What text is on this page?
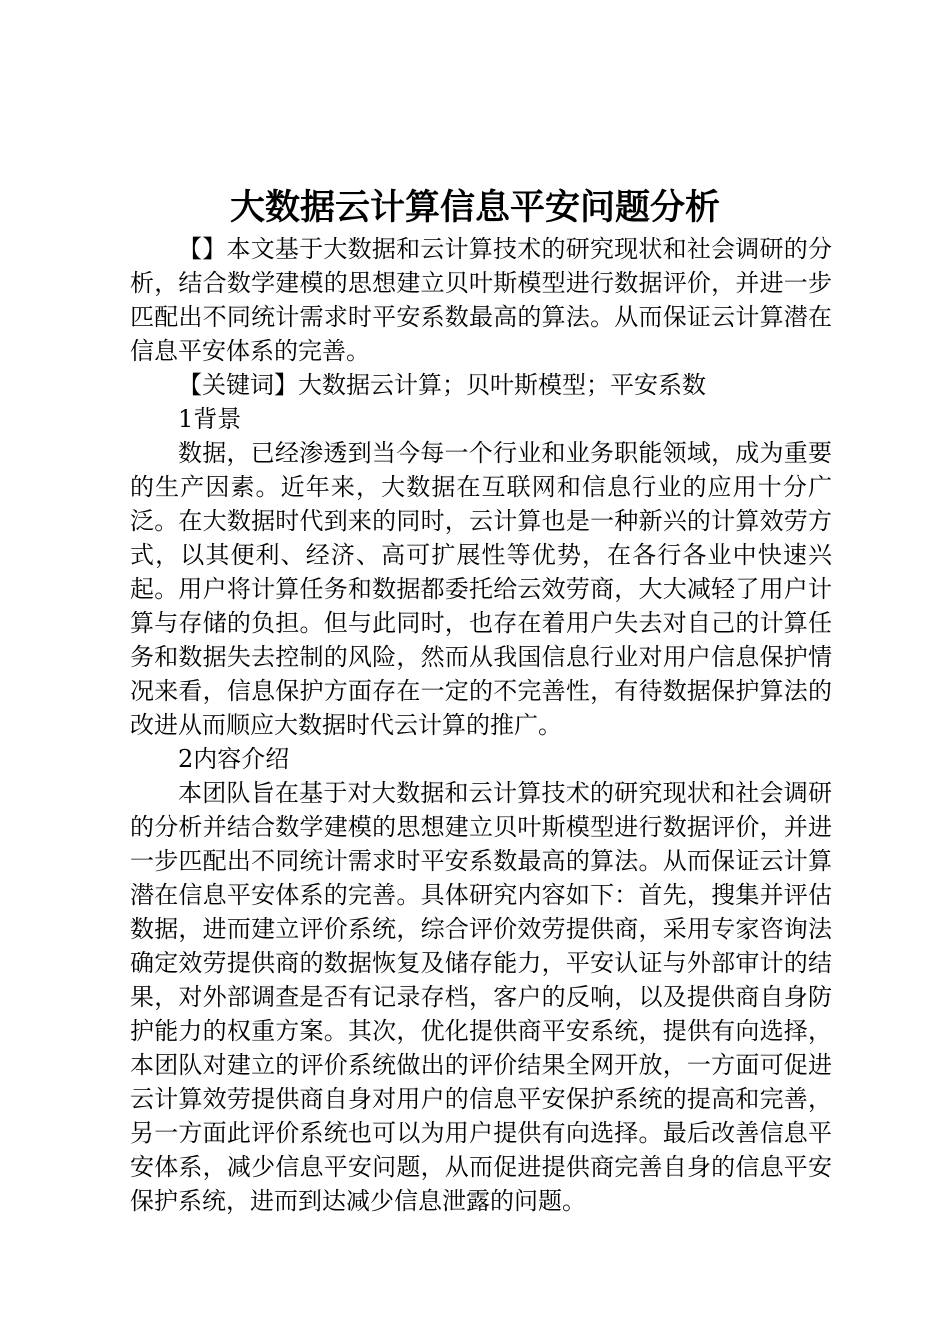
大数据云计算信息平安问题分析

【】本文基于大数据和云计算技术的研究现状和社会调研的分析，结合数学建模的思想建立贝叶斯模型进行数据评价，并进一步匹配出不同统计需求时平安系数最高的算法。从而保证云计算潜在信息平安体系的完善。

【关键词】大数据云计算；贝叶斯模型；平安系数

1背景

数据，已经渗透到当今每一个行业和业务职能领域，成为重要的生产因素。近年来，大数据在互联网和信息行业的应用十分广泛。在大数据时代到来的同时，云计算也是一种新兴的计算效劳方式，以其便利、经济、高可扩展性等优势，在各行各业中快速兴起。用户将计算任务和数据都委托给云效劳商，大大减轻了用户计算与存储的负担。但与此同时，也存在着用户失去对自己的计算任务和数据失去控制的风险，然而从我国信息行业对用户信息保护情况来看，信息保护方面存在一定的不完善性，有待数据保护算法的改进从而顺应大数据时代云计算的推广。

2内容介绍

本团队旨在基于对大数据和云计算技术的研究现状和社会调研的分析并结合数学建模的思想建立贝叶斯模型进行数据评价，并进一步匹配出不同统计需求时平安系数最高的算法。从而保证云计算潜在信息平安体系的完善。具体研究内容如下：首先，搜集并评估数据，进而建立评价系统，综合评价效劳提供商，采用专家咨询法确定效劳提供商的数据恢复及储存能力，平安认证与外部审计的结果，对外部调查是否有记录存档，客户的反响，以及提供商自身防护能力的权重方案。其次，优化提供商平安系统，提供有向选择，本团队对建立的评价系统做出的评价结果全网开放，一方面可促进云计算效劳提供商自身对用户的信息平安保护系统的提高和完善，另一方面此评价系统也可以为用户提供有向选择。最后改善信息平安体系，减少信息平安问题，从而促进提供商完善自身的信息平安保护系统，进而到达减少信息泄露的问题。
